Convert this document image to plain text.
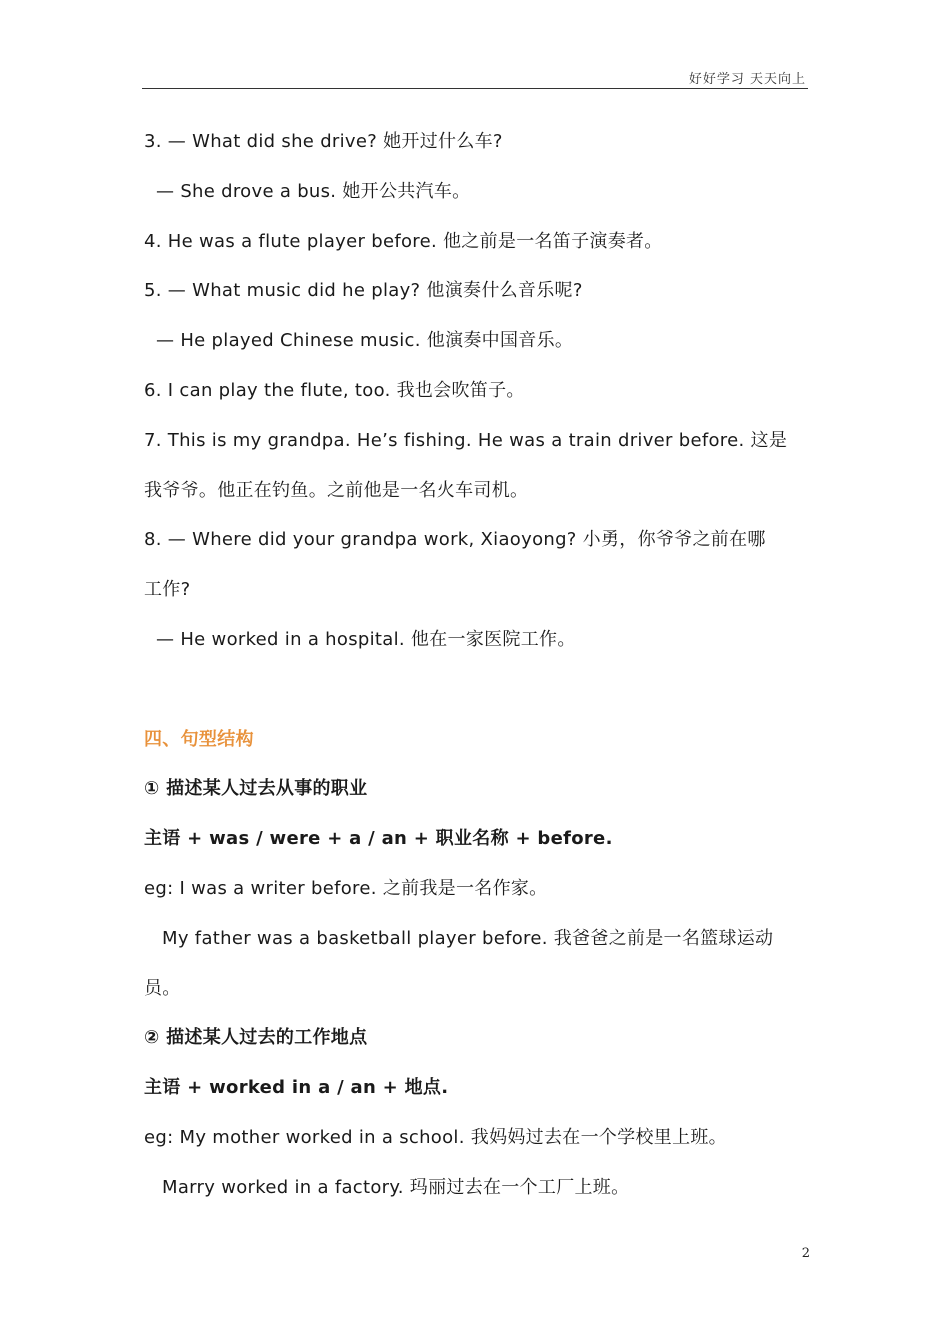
好好学习 天天向上
3. — What did she drive? 她开过什么车?
— She drove a bus. 她开公共汽车。
4. He was a flute player before. 他之前是一名笛子演奏者。
5. — What music did he play? 他演奏什么音乐呢?
— He played Chinese music. 他演奏中国音乐。
6. I can play the flute, too. 我也会吹笛子。
7. This is my grandpa. He’s fishing. He was a train driver before. 这是
我爷爷。他正在钓鱼。之前他是一名火车司机。
8. — Where did your grandpa work, Xiaoyong? 小勇，你爷爷之前在哪
工作?
— He worked in a hospital. 他在一家医院工作。
四、句型结构
① 描述某人过去从事的职业
主语 + was / were + a / an + 职业名称 + before.
eg: I was a writer before. 之前我是一名作家。
My father was a basketball player before. 我爸爸之前是一名篮球运动
员。
② 描述某人过去的工作地点
主语 + worked in a / an + 地点.
eg: My mother worked in a school. 我妈妈过去在一个学校里上班。
Marry worked in a factory. 玛丽过去在一个工厂上班。
2
